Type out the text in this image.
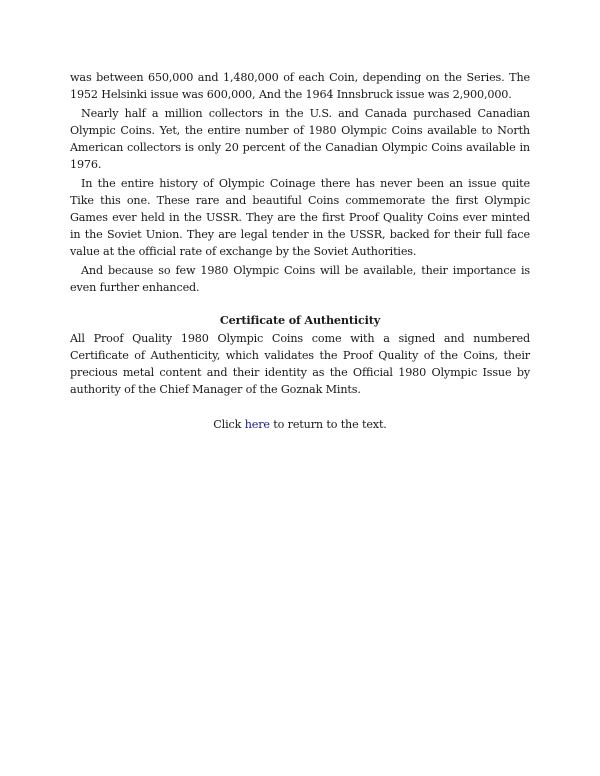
was between 650,000 and 1,480,000 of each Coin, depending on the Series. The 1952 Helsinki issue was 600,000, And the 1964 Innsbruck issue was 2,900,000.

Nearly half a million collectors in the U.S. and Canada purchased Canadian Olympic Coins. Yet, the entire number of 1980 Olympic Coins available to North American collectors is only 20 percent of the Canadian Olympic Coins available in 1976.

In the entire history of Olympic Coinage there has never been an issue quite Tike this one. These rare and beautiful Coins commemorate the first Olympic Games ever held in the USSR. They are the first Proof Quality Coins ever minted in the Soviet Union. They are legal tender in the USSR, backed for their full face value at the official rate of exchange by the Soviet Authorities.

And because so few 1980 Olympic Coins will be available, their importance is even further enhanced.

Certificate of Authenticity

All Proof Quality 1980 Olympic Coins come with a signed and numbered Certificate of Authenticity, which validates the Proof Quality of the Coins, their precious metal content and their identity as the Official 1980 Olympic Issue by authority of the Chief Manager of the Goznak Mints.

Click here to return to the text.
